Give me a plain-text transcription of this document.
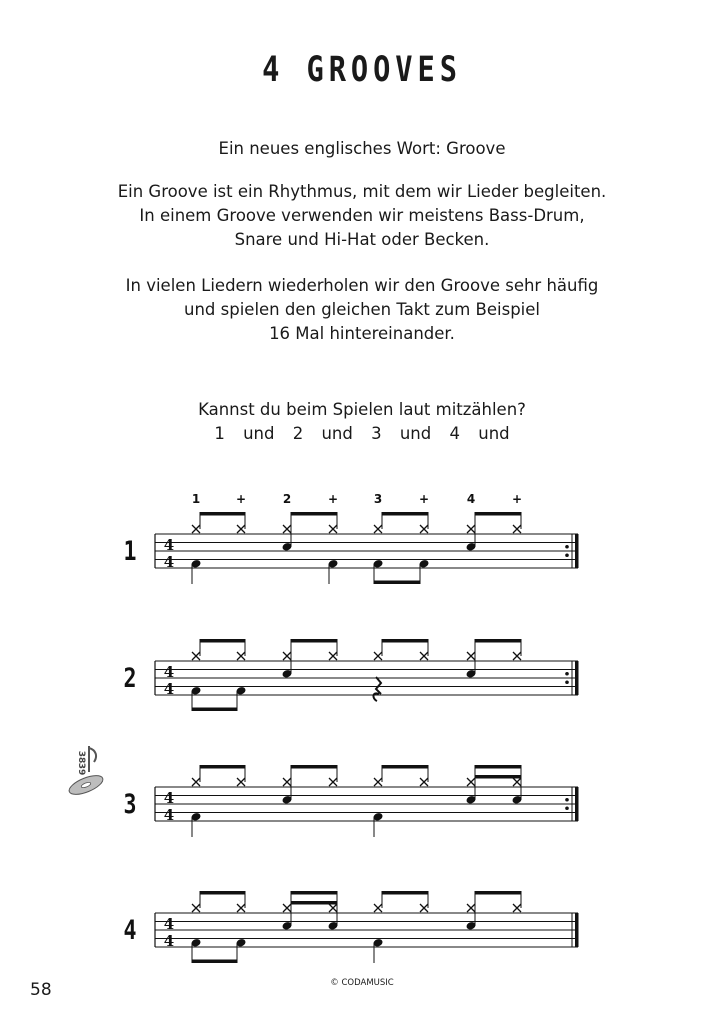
4 GROOVES
Ein neues englisches Wort: Groove
Ein Groove ist ein Rhythmus, mit dem wir Lieder begleiten.
In einem Groove verwenden wir meistens Bass-Drum,
Snare und Hi-Hat oder Becken.
In vielen Liedern wiederholen wir den Groove sehr häufig
und spielen den gleichen Takt zum Beispiel
16 Mal hintereinander.
Kannst du beim Spielen laut mitzählen?
1 und 2 und 3 und 4 und
1	+	2	+	3	+	4	+
4
4
1
4
4
2
4
4
3
4
4
4
38
39
58	© CODAMUSIC
